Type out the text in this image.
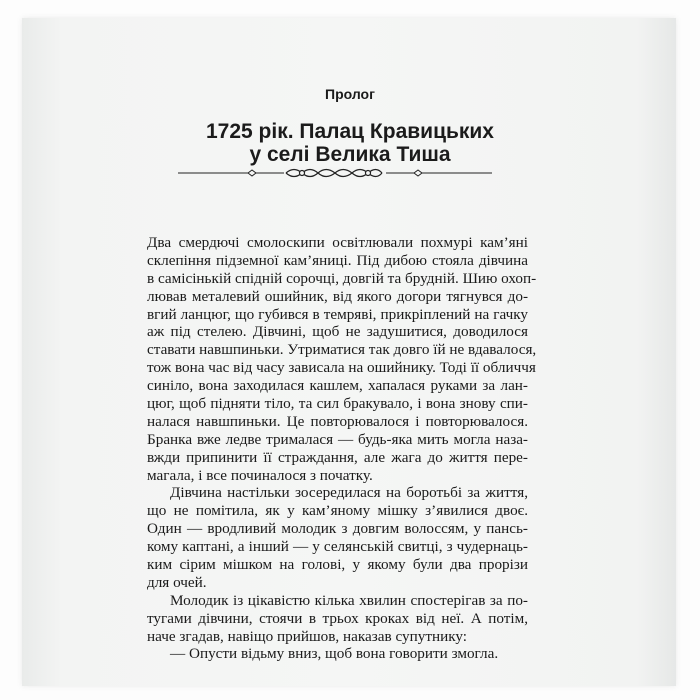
Пролог
1725 рік. Палац Кравицьких
у селі Велика Тиша
Два смердючі смолоскипи освітлювали похмурі кам’яні
склепіння підземної кам’яниці. Під дибою стояла дівчина
в самісінькій спідній сорочці, довгій та брудній. Шию охоп-
лював металевий ошийник, від якого догори тягнувся до-
вгий ланцюг, що губився в темряві, прикріплений на гачку
аж під стелею. Дівчині, щоб не задушитися, доводилося
ставати навшпиньки. Утриматися так довго їй не вдавалося,
тож вона час від часу зависала на ошийнику. Тоді її обличчя
синіло, вона заходилася кашлем, хапалася руками за лан-
цюг, щоб підняти тіло, та сил бракувало, і вона знову спи-
налася навшпиньки. Це повторювалося і повторювалося.
Бранка вже ледве трималася — будь-яка мить могла наза-
вжди припинити її страждання, але жага до життя пере-
магала, і все починалося з початку.
Дівчина настільки зосередилася на боротьбі за життя,
що не помітила, як у кам’яному мішку з’явилися двоє.
Один — вродливий молодик з довгим волоссям, у пансь-
кому каптані, а інший — у селянській свитці, з чудернаць-
ким сірим мішком на голові, у якому були два прорізи
для очей.
Молодик із цікавістю кілька хвилин спостерігав за по-
тугами дівчини, стоячи в трьох кроках від неї. А потім,
наче згадав, навіщо прийшов, наказав супутнику:
— Опусти відьму вниз, щоб вона говорити змогла.
